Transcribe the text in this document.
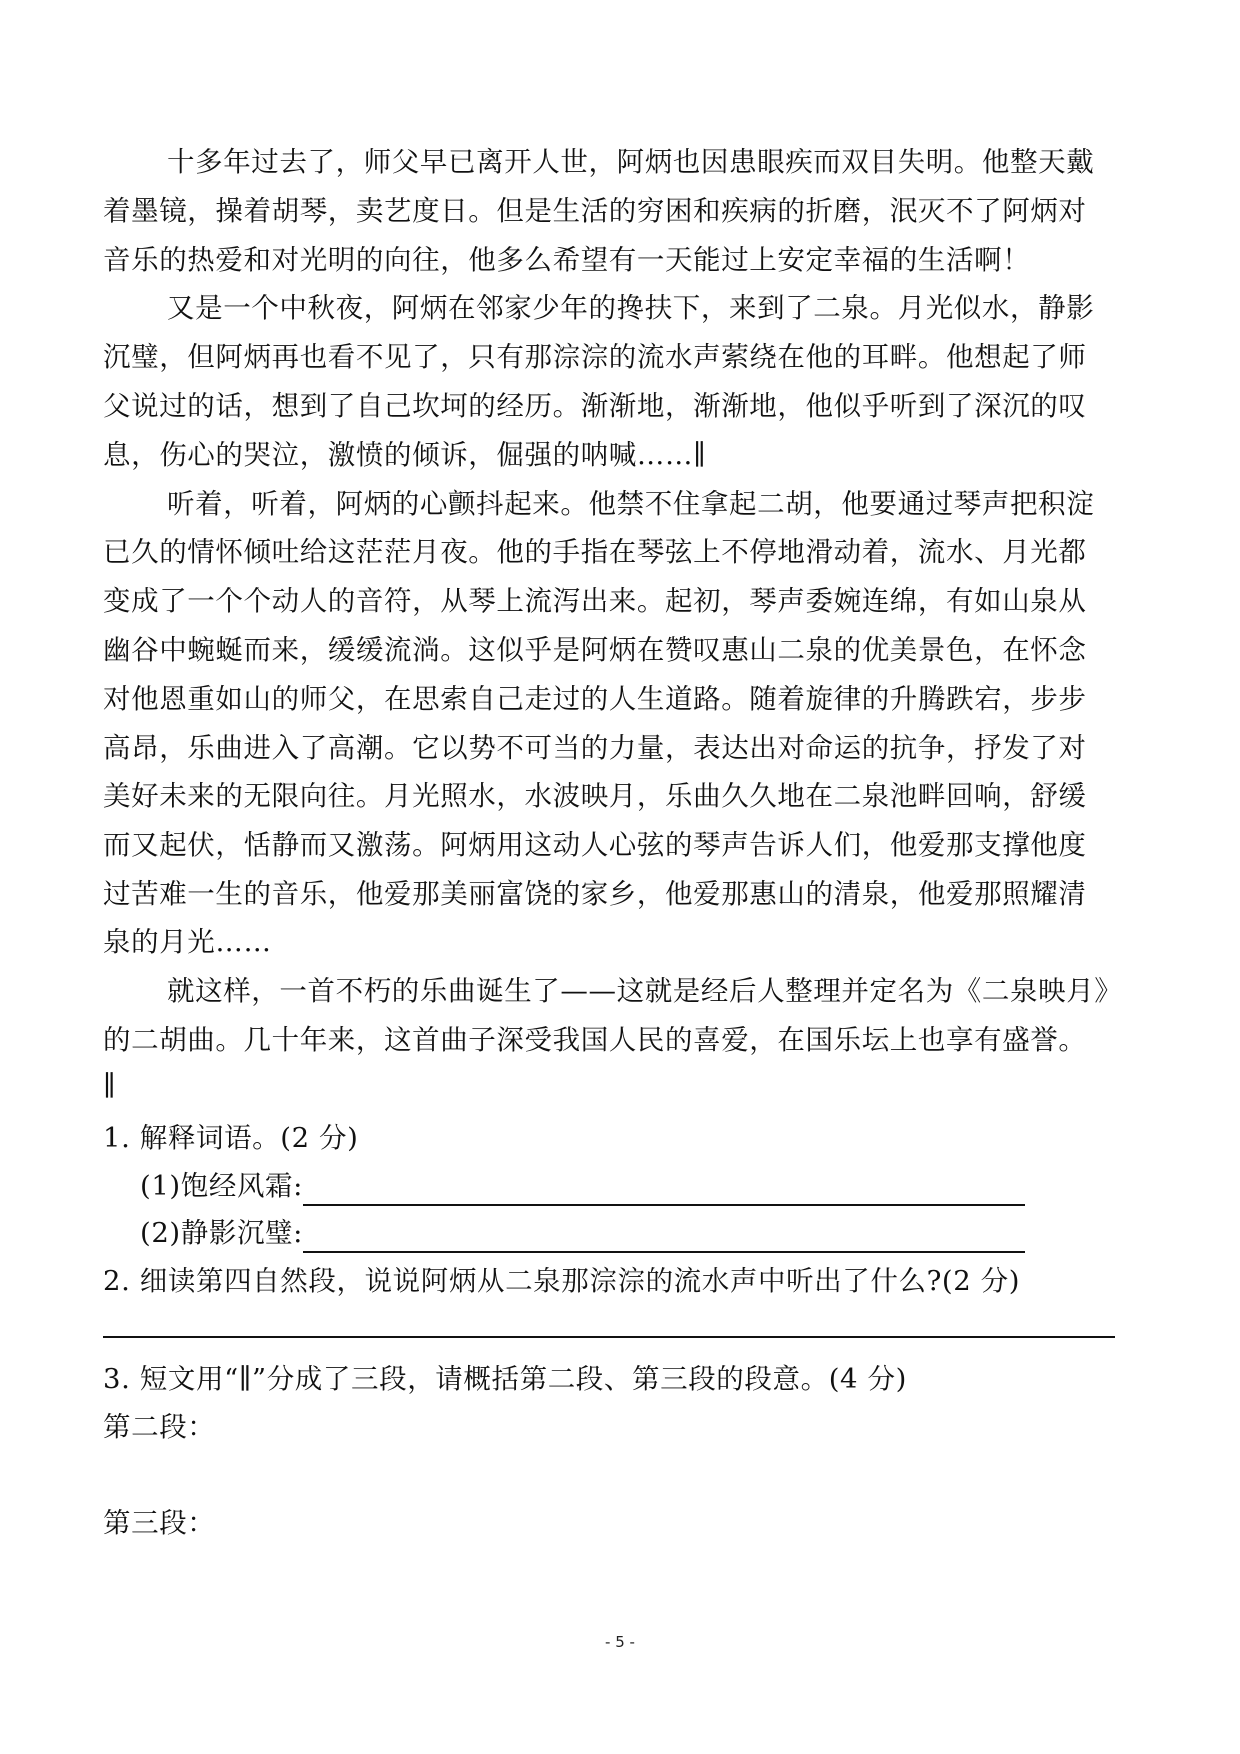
十多年过去了，师父早已离开人世，阿炳也因患眼疾而双目失明。他整天戴
着墨镜，操着胡琴，卖艺度日。但是生活的穷困和疾病的折磨，泯灭不了阿炳对
音乐的热爱和对光明的向往，他多么希望有一天能过上安定幸福的生活啊！
又是一个中秋夜，阿炳在邻家少年的搀扶下，来到了二泉。月光似水，静影
沉璧，但阿炳再也看不见了，只有那淙淙的流水声萦绕在他的耳畔。他想起了师
父说过的话，想到了自己坎坷的经历。渐渐地，渐渐地，他似乎听到了深沉的叹
息，伤心的哭泣，激愤的倾诉，倔强的呐喊……∥
听着，听着，阿炳的心颤抖起来。他禁不住拿起二胡，他要通过琴声把积淀
已久的情怀倾吐给这茫茫月夜。他的手指在琴弦上不停地滑动着，流水、月光都
变成了一个个动人的音符，从琴上流泻出来。起初，琴声委婉连绵，有如山泉从
幽谷中蜿蜒而来，缓缓流淌。这似乎是阿炳在赞叹惠山二泉的优美景色，在怀念
对他恩重如山的师父，在思索自己走过的人生道路。随着旋律的升腾跌宕，步步
高昂，乐曲进入了高潮。它以势不可当的力量，表达出对命运的抗争，抒发了对
美好未来的无限向往。月光照水，水波映月，乐曲久久地在二泉池畔回响，舒缓
而又起伏，恬静而又激荡。阿炳用这动人心弦的琴声告诉人们，他爱那支撑他度
过苦难一生的音乐，他爱那美丽富饶的家乡，他爱那惠山的清泉，他爱那照耀清
泉的月光……
就这样，一首不朽的乐曲诞生了——这就是经后人整理并定名为《二泉映月》
的二胡曲。几十年来，这首曲子深受我国人民的喜爱，在国乐坛上也享有盛誉。
∥
1. 解释词语。(2 分)
(1)饱经风霜:
(2)静影沉璧:
2. 细读第四自然段，说说阿炳从二泉那淙淙的流水声中听出了什么?(2 分)
3. 短文用“∥”分成了三段，请概括第二段、第三段的段意。(4 分)
第二段：
第三段：
- 5 -
